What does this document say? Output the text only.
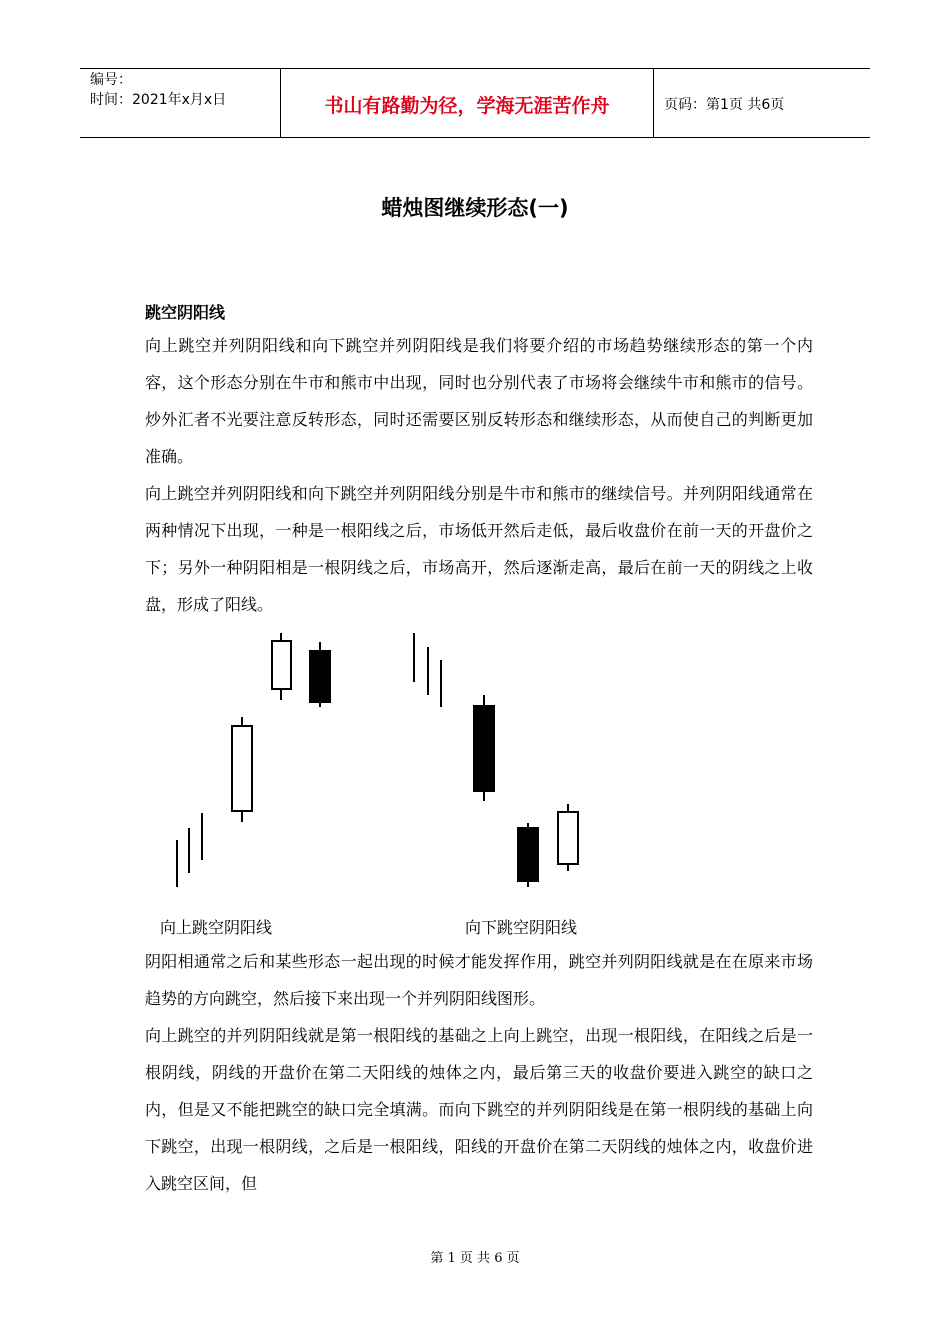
编号：
时间：2021年x月x日	书山有路勤为径，学海无涯苦作舟	页码：第1页 共6页
蜡烛图继续形态(一)
跳空阴阳线
向上跳空并列阴阳线和向下跳空并列阴阳线是我们将要介绍的市场趋势继续形态的第一个内容，这个形态分别在牛市和熊市中出现，同时也分别代表了市场将会继续牛市和熊市的信号。炒外汇者不光要注意反转形态，同时还需要区别反转形态和继续形态，从而使自己的判断更加准确。
向上跳空并列阴阳线和向下跳空并列阴阳线分别是牛市和熊市的继续信号。并列阴阳线通常在两种情况下出现，一种是一根阳线之后，市场低开然后走低，最后收盘价在前一天的开盘价之下；另外一种阴阳相是一根阴线之后，市场高开，然后逐渐走高，最后在前一天的阴线之上收盘，形成了阳线。
向上跳空阴阳线	向下跳空阴阳线
阴阳相通常之后和某些形态一起出现的时候才能发挥作用，跳空并列阴阳线就是在在原来市场趋势的方向跳空，然后接下来出现一个并列阴阳线图形。
向上跳空的并列阴阳线就是第一根阳线的基础之上向上跳空，出现一根阳线，在阳线之后是一根阴线，阴线的开盘价在第二天阳线的烛体之内，最后第三天的收盘价要进入跳空的缺口之内，但是又不能把跳空的缺口完全填满。而向下跳空的并列阴阳线是在第一根阴线的基础上向下跳空，出现一根阴线，之后是一根阳线，阳线的开盘价在第二天阴线的烛体之内，收盘价进入跳空区间，但
第 1 页 共 6 页
